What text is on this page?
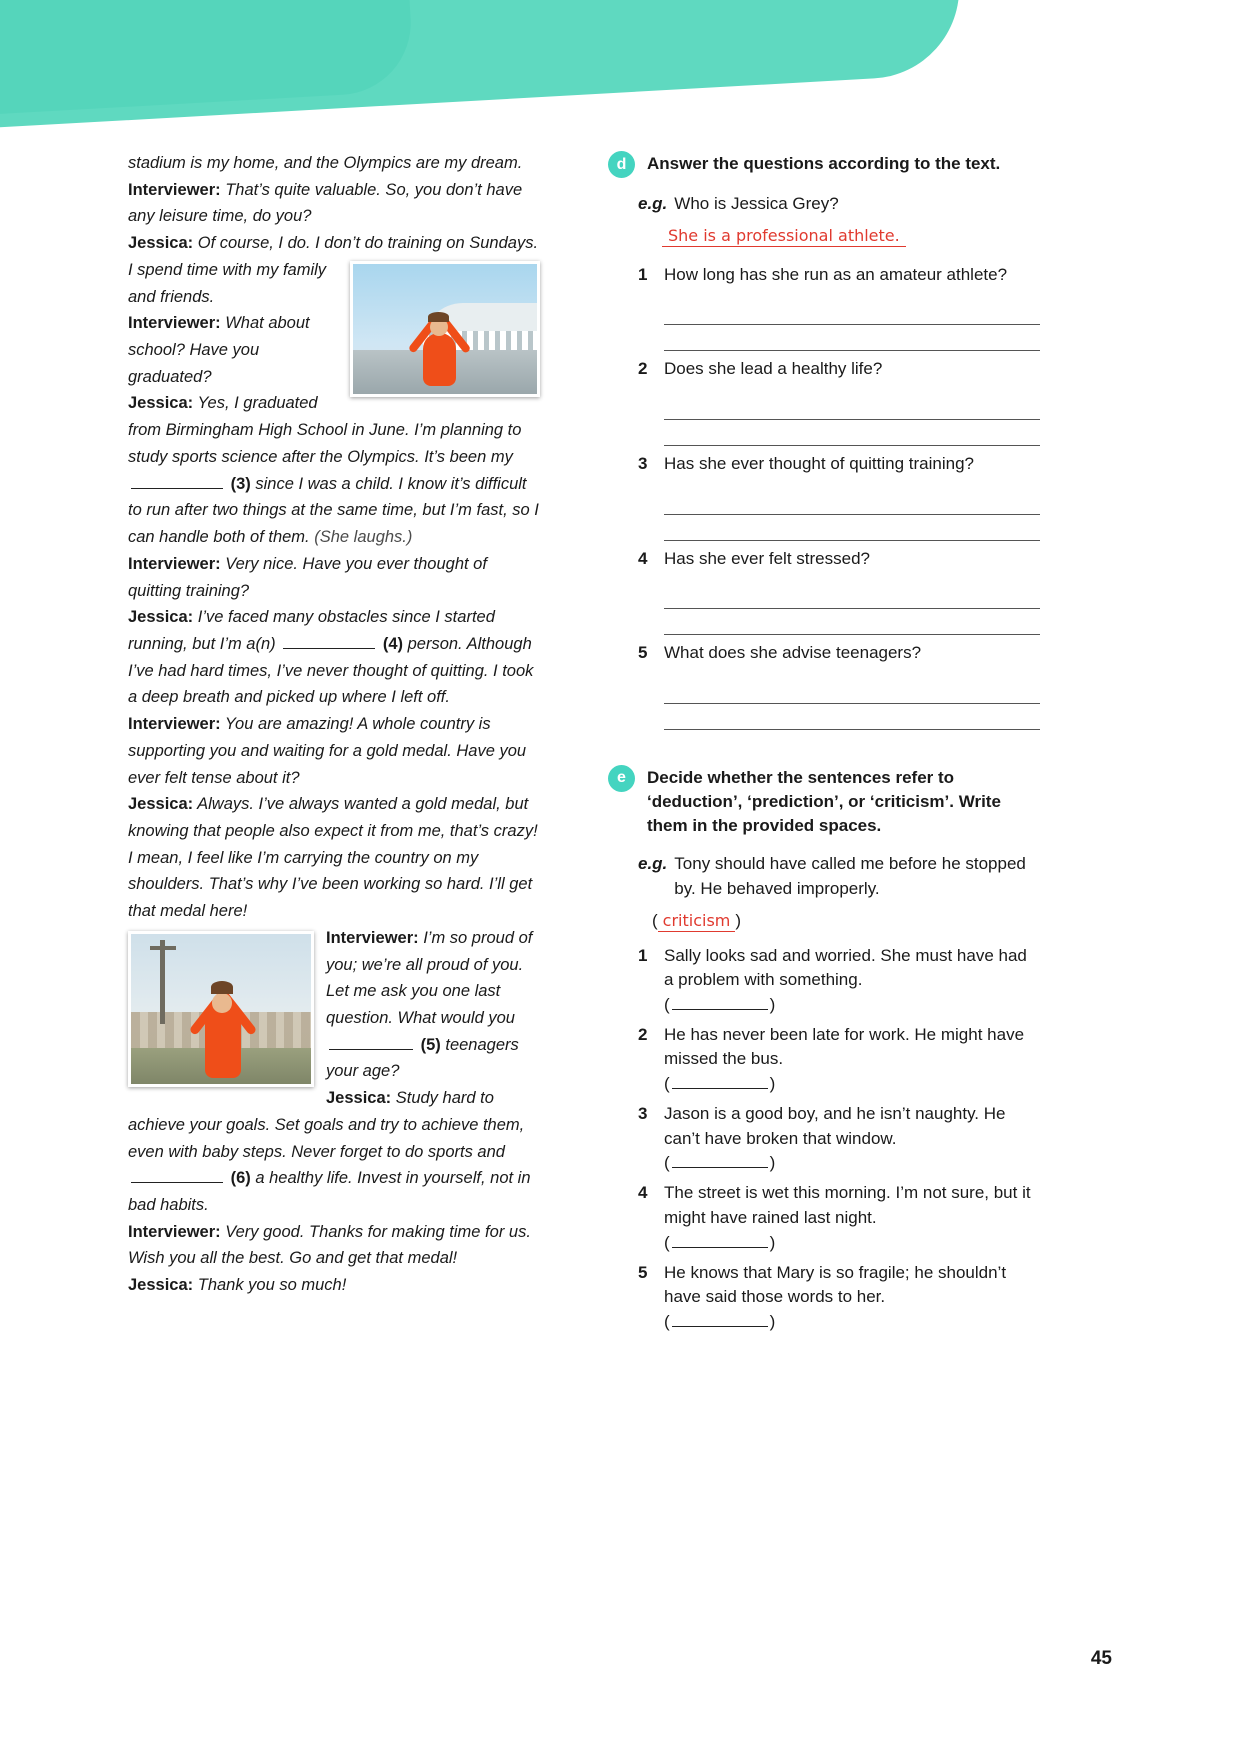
stadium is my home, and the Olympics are my dream.

Interviewer: That’s quite valuable. So, you don’t have any leisure time, do you?

Jessica: Of course, I do. I don’t do training on Sundays.

I spend time with my family and friends.

Interviewer: What about school? Have you graduated?

Jessica: Yes, I graduated from Birmingham High School in June. I’m planning to study sports science after the Olympics. It’s been my  (3) since I was a child. I know it’s difficult to run after two things at the same time, but I’m fast, so I can handle both of them. (She laughs.)

Interviewer: Very nice. Have you ever thought of quitting training?

Jessica: I’ve faced many obstacles since I started running, but I’m a(n)	(4) person. Although I’ve had hard times, I’ve never thought of quitting. I took a deep breath and picked up where I left off.

Interviewer: You are amazing! A whole country is supporting you and waiting for a gold medal. Have you ever felt tense about it?

Jessica: Always. I’ve always wanted a gold medal, but knowing that people also expect it from me, that’s crazy! I mean, I feel like I’m carrying the country on my shoulders. That’s why I’ve been working so hard. I’ll get that medal here!

Interviewer: I’m so proud of you; we’re all proud of you. Let me ask you one last question. What would you  (5) teenagers your age?

Jessica: Study hard to achieve your goals. Set goals and try to achieve them, even with baby steps. Never forget to do sports and  (6) a healthy life. Invest in yourself, not in bad habits.

Interviewer: Very good. Thanks for making time for us. Wish you all the best. Go and get that medal!

Jessica: Thank you so much!

d	Answer the questions according to the text.
e.g. Who is Jessica Grey?
She is a professional athlete.
1 How long has she run as an amateur athlete?
2 Does she lead a healthy life?
3 Has she ever thought of quitting training?
4 Has she ever felt stressed?
5 What does she advise teenagers?
e	Decide whether the sentences refer to ‘deduction’, ‘prediction’, or ‘criticism’. Write them in the provided spaces.
e.g. Tony should have called me before he stopped by. He behaved improperly.
( criticism )
1 Sally looks sad and worried. She must have had a problem with something.
(	)
2 He has never been late for work. He might have missed the bus.
(	)
3 Jason is a good boy, and he isn’t naughty. He can’t have broken that window.
(	)
4 The street is wet this morning. I’m not sure, but it might have rained last night.
(	)
5 He knows that Mary is so fragile; he shouldn’t have said those words to her.
(	)
45
